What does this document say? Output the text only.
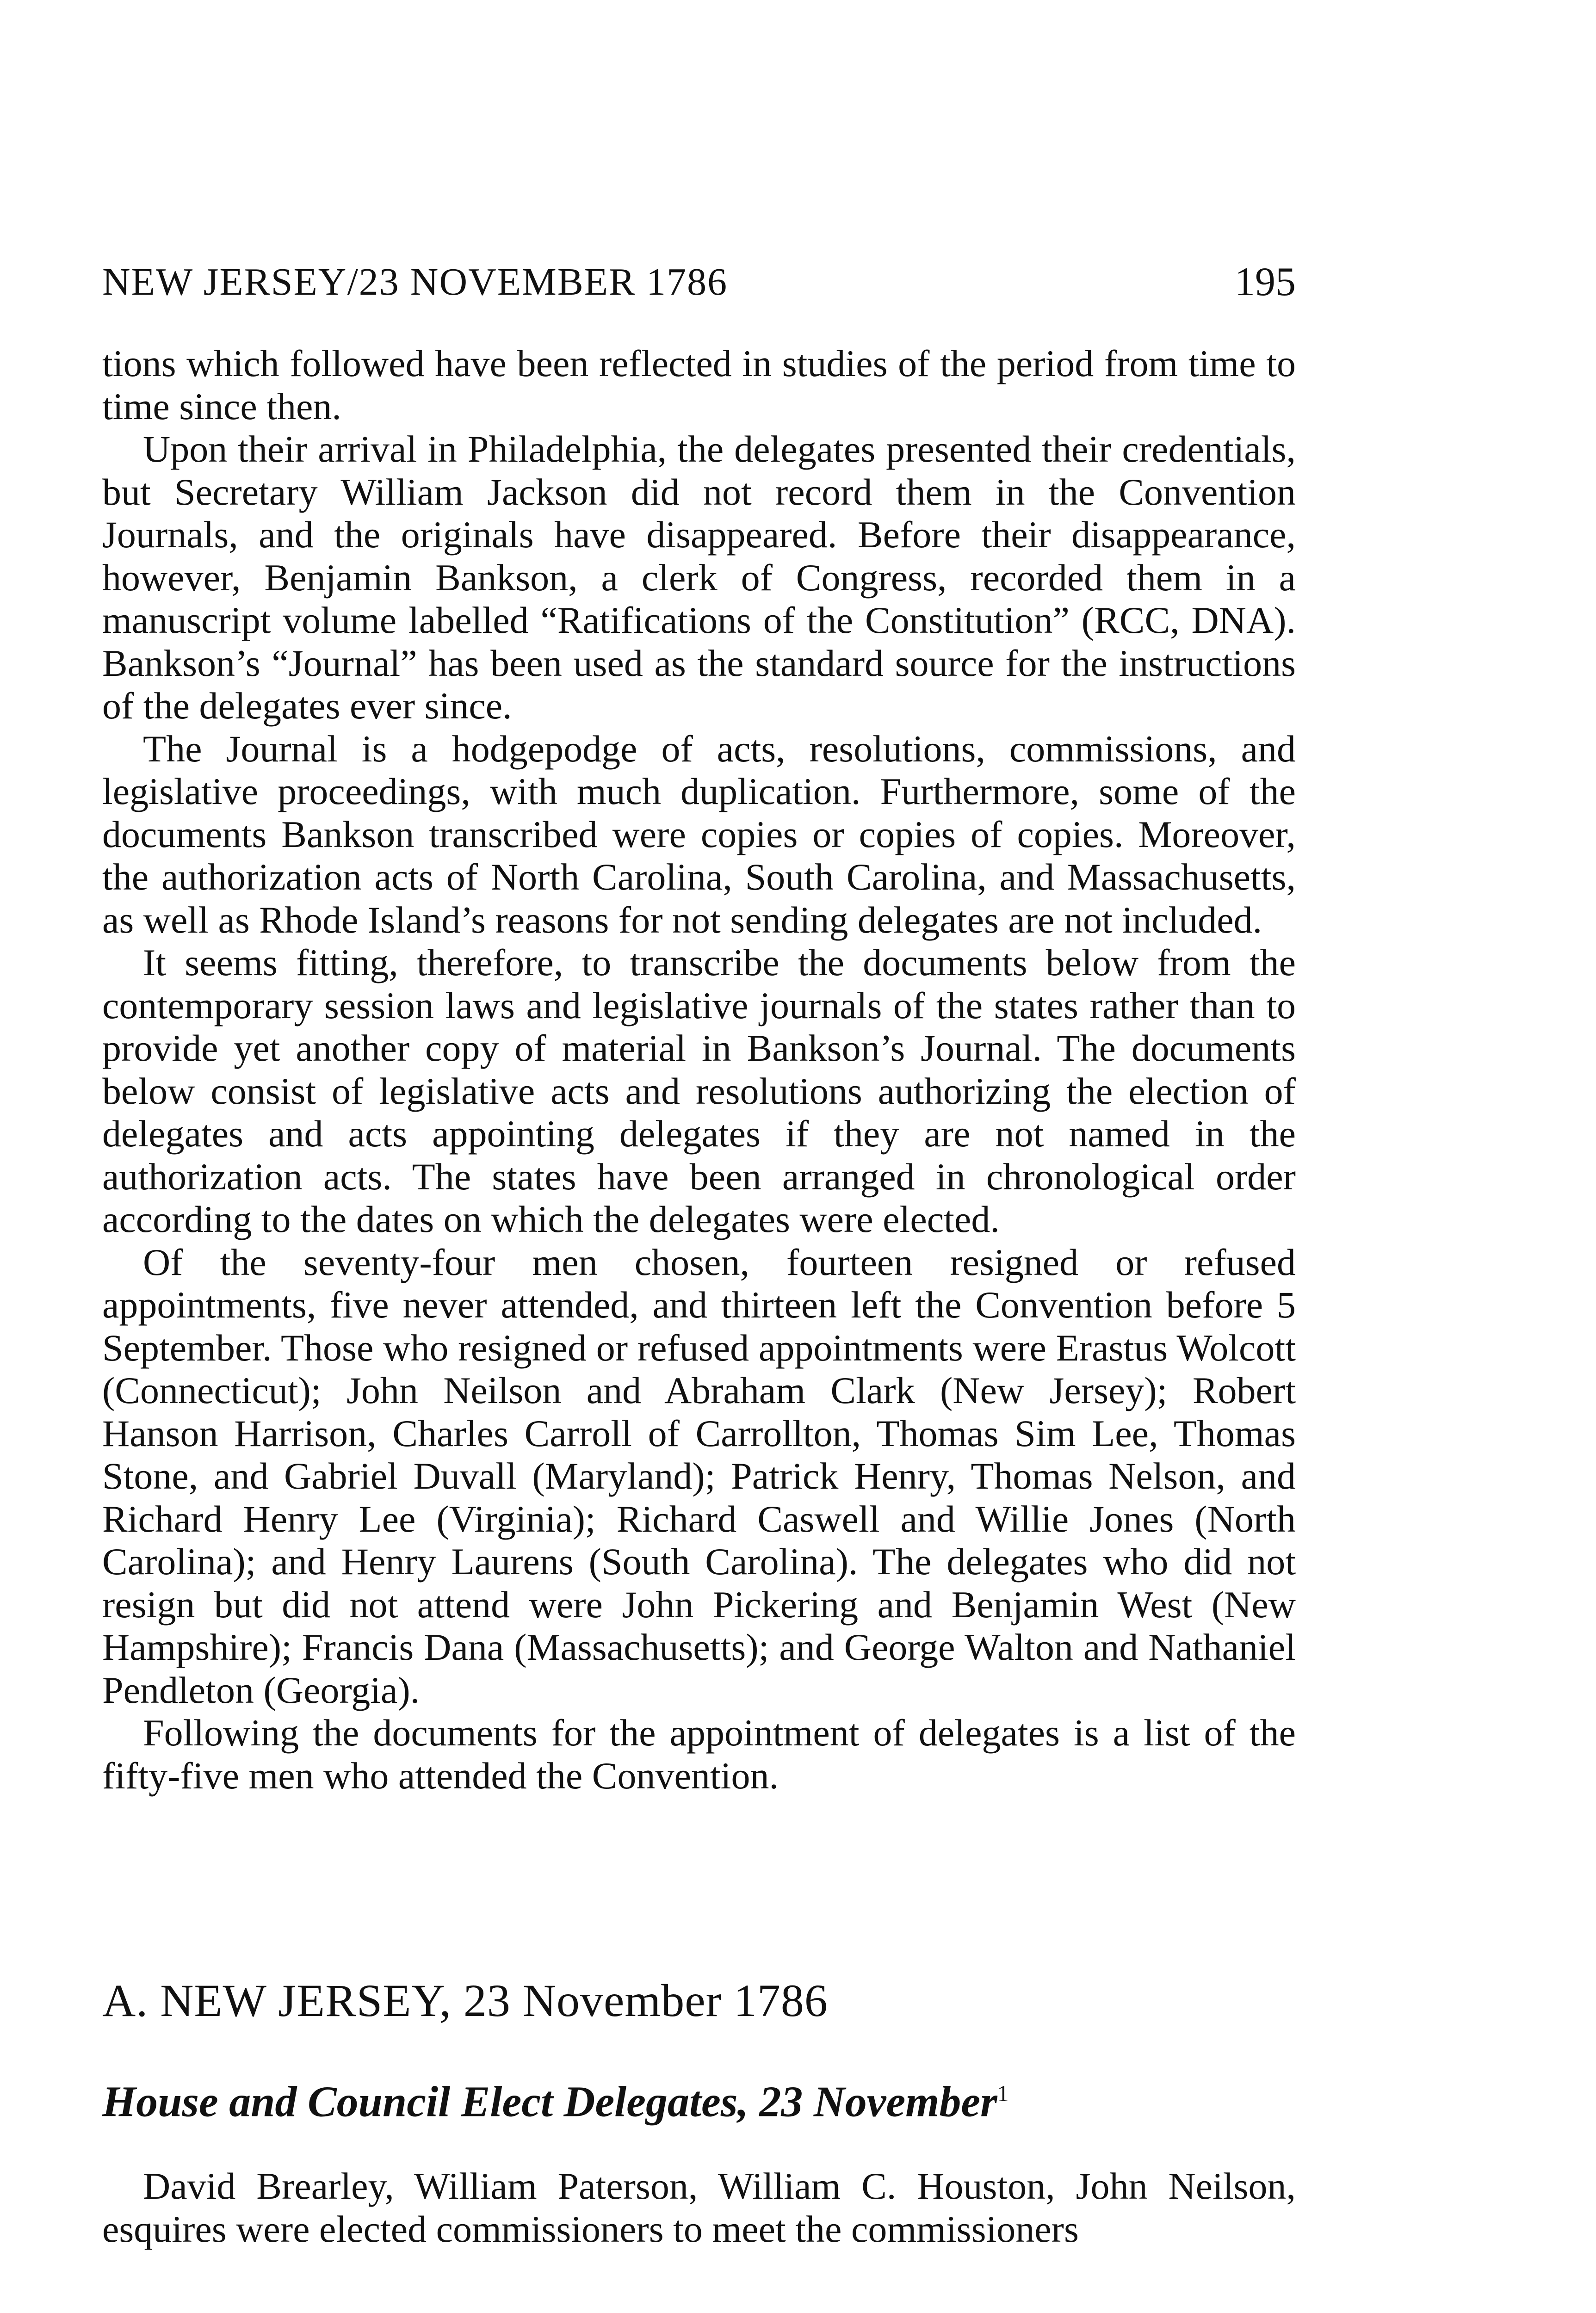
NEW JERSEY/23 NOVEMBER 1786	195

tions which followed have been reflected in studies of the period from time to time since then.

Upon their arrival in Philadelphia, the delegates presented their credentials, but Secretary William Jackson did not record them in the Convention Journals, and the originals have disappeared. Before their disappearance, however, Benjamin Bankson, a clerk of Congress, recorded them in a manuscript volume labelled “Ratifications of the Constitution” (RCC, DNA). Bankson’s “Journal” has been used as the standard source for the instructions of the delegates ever since.

The Journal is a hodgepodge of acts, resolutions, commissions, and legislative proceedings, with much duplication. Furthermore, some of the documents Bankson transcribed were copies or copies of copies. Moreover, the authorization acts of North Carolina, South Carolina, and Massachusetts, as well as Rhode Island’s reasons for not sending delegates are not included.

It seems fitting, therefore, to transcribe the documents below from the contemporary session laws and legislative journals of the states rather than to provide yet another copy of material in Bankson’s Journal. The documents below consist of legislative acts and resolutions authorizing the election of delegates and acts appointing delegates if they are not named in the authorization acts. The states have been arranged in chronological order according to the dates on which the delegates were elected.

Of the seventy-four men chosen, fourteen resigned or refused appointments, five never attended, and thirteen left the Convention before 5 September. Those who resigned or refused appointments were Erastus Wolcott (Connecticut); John Neilson and Abraham Clark (New Jersey); Robert Hanson Harrison, Charles Carroll of Carrollton, Thomas Sim Lee, Thomas Stone, and Gabriel Duvall (Maryland); Patrick Henry, Thomas Nelson, and Richard Henry Lee (Virginia); Richard Caswell and Willie Jones (North Carolina); and Henry Laurens (South Carolina). The delegates who did not resign but did not attend were John Pickering and Benjamin West (New Hampshire); Francis Dana (Massachusetts); and George Walton and Nathaniel Pendleton (Georgia).

Following the documents for the appointment of delegates is a list of the fifty-five men who attended the Convention.

A. NEW JERSEY, 23 November 1786
House and Council Elect Delegates, 23 November$^1$

David Brearley, William Paterson, William C. Houston, John Neilson, esquires were elected commissioners to meet the commissioners
